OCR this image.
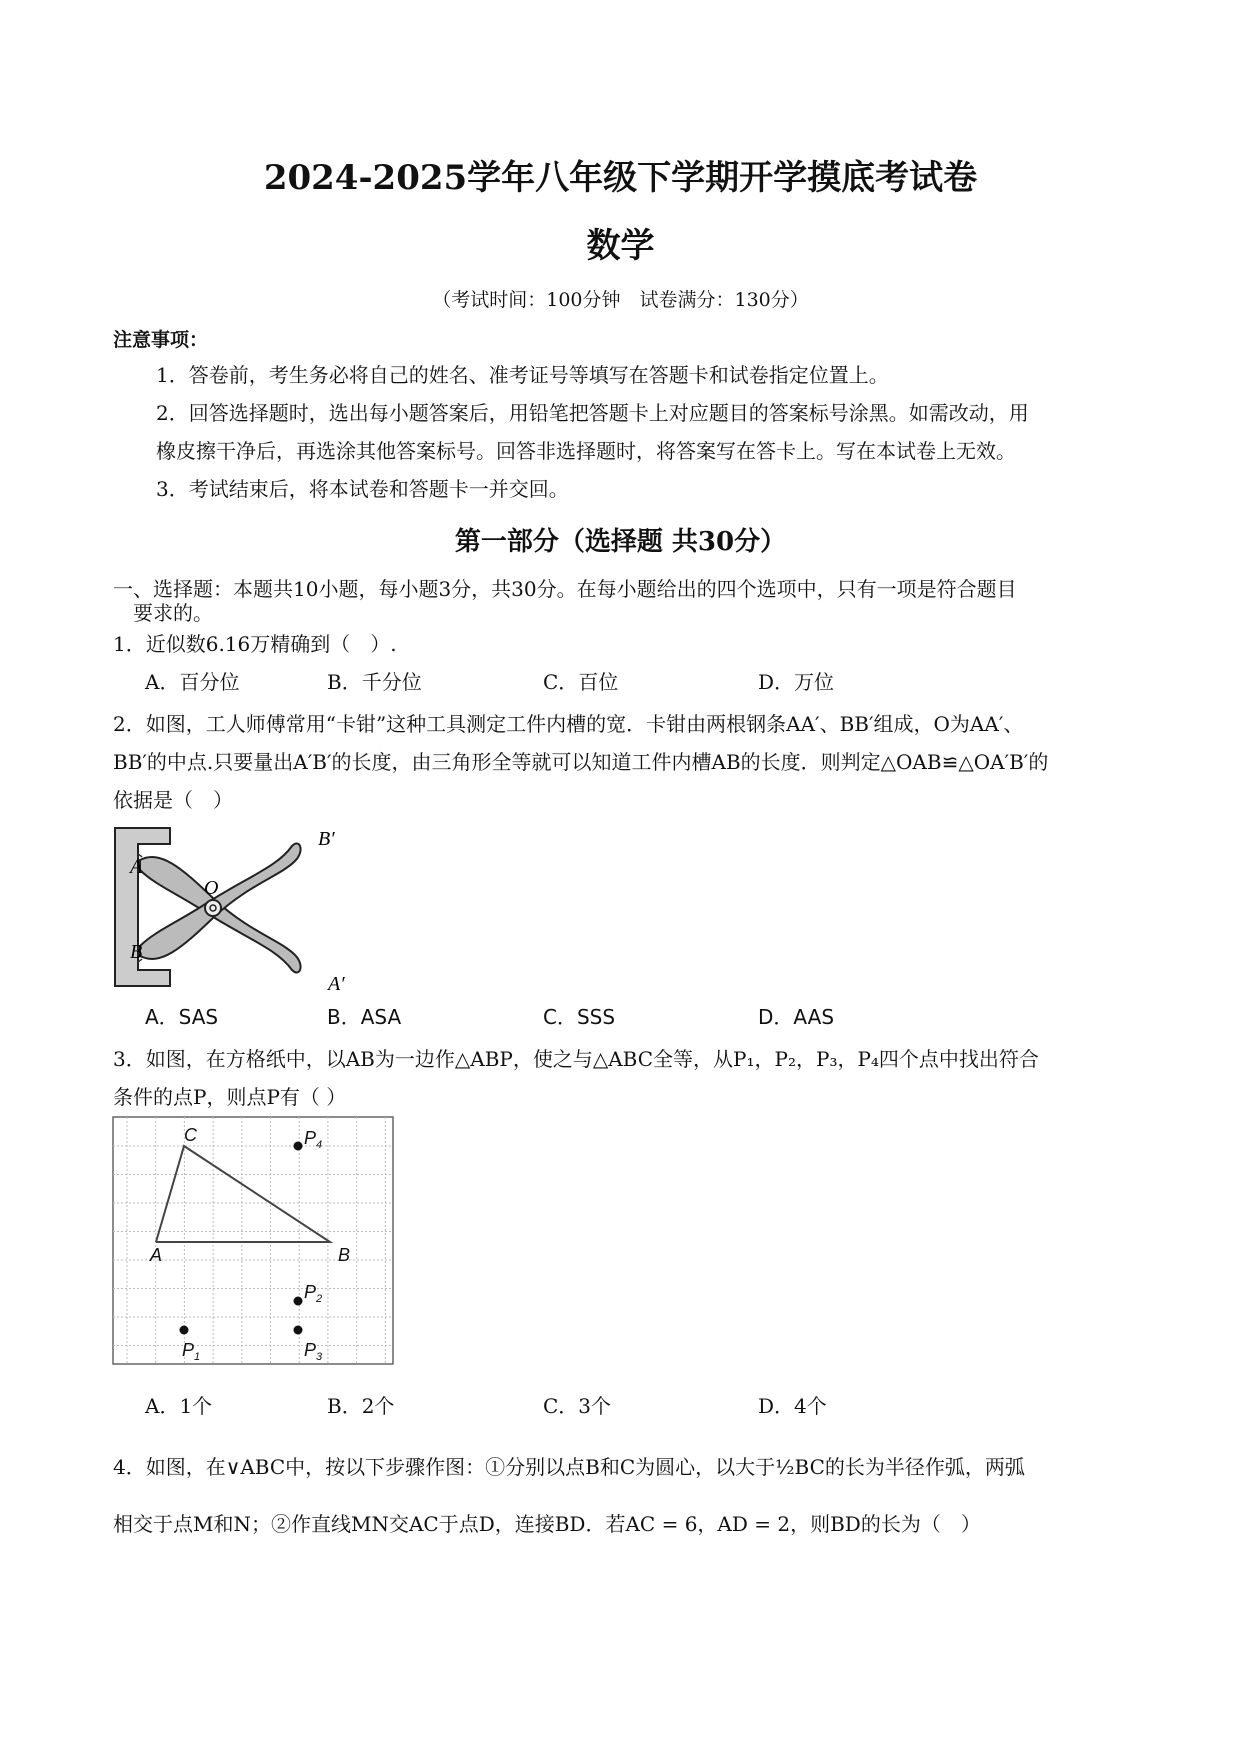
2024-2025学年八年级下学期开学摸底考试卷
数学
（考试时间：100分钟　试卷满分：130分）
注意事项：
1．答卷前，考生务必将自己的姓名、准考证号等填写在答题卡和试卷指定位置上。
2．回答选择题时，选出每小题答案后，用铅笔把答题卡上对应题目的答案标号涂黑。如需改动，用
橡皮擦干净后，再选涂其他答案标号。回答非选择题时，将答案写在答卡上。写在本试卷上无效。
3．考试结束后，将本试卷和答题卡一并交回。
第一部分（选择题 共30分）
一、选择题：本题共10小题，每小题3分，共30分。在每小题给出的四个选项中，只有一项是符合题目
要求的。
1．近似数6.16万精确到（　）.
A．百分位	B．千分位	C．百位	D．万位
2．如图，工人师傅常用“卡钳”这种工具测定工件内槽的宽．卡钳由两根钢条AA′、BB′组成，O为AA′、
BB′的中点.只要量出A′B′的长度，由三角形全等就可以知道工件内槽AB的长度．则判定△OAB≌△OA′B′的
依据是（　）
A
B
O
B′
A′
A．SAS	B．ASA	C．SSS	D．AAS
3．如图，在方格纸中，以AB为一边作△ABP，使之与△ABC全等，从P₁，P₂，P₃，P₄四个点中找出符合
条件的点P，则点P有（ ）
C
A	B
P 4
P 2
P 1	P 3
A．1个	B．2个	C．3个	D．4个
4．如图，在∨ABC中，按以下步骤作图：①分别以点B和C为圆心，以大于½BC的长为半径作弧，两弧
相交于点M和N；②作直线MN交AC于点D，连接BD．若AC = 6，AD = 2，则BD的长为（　）
